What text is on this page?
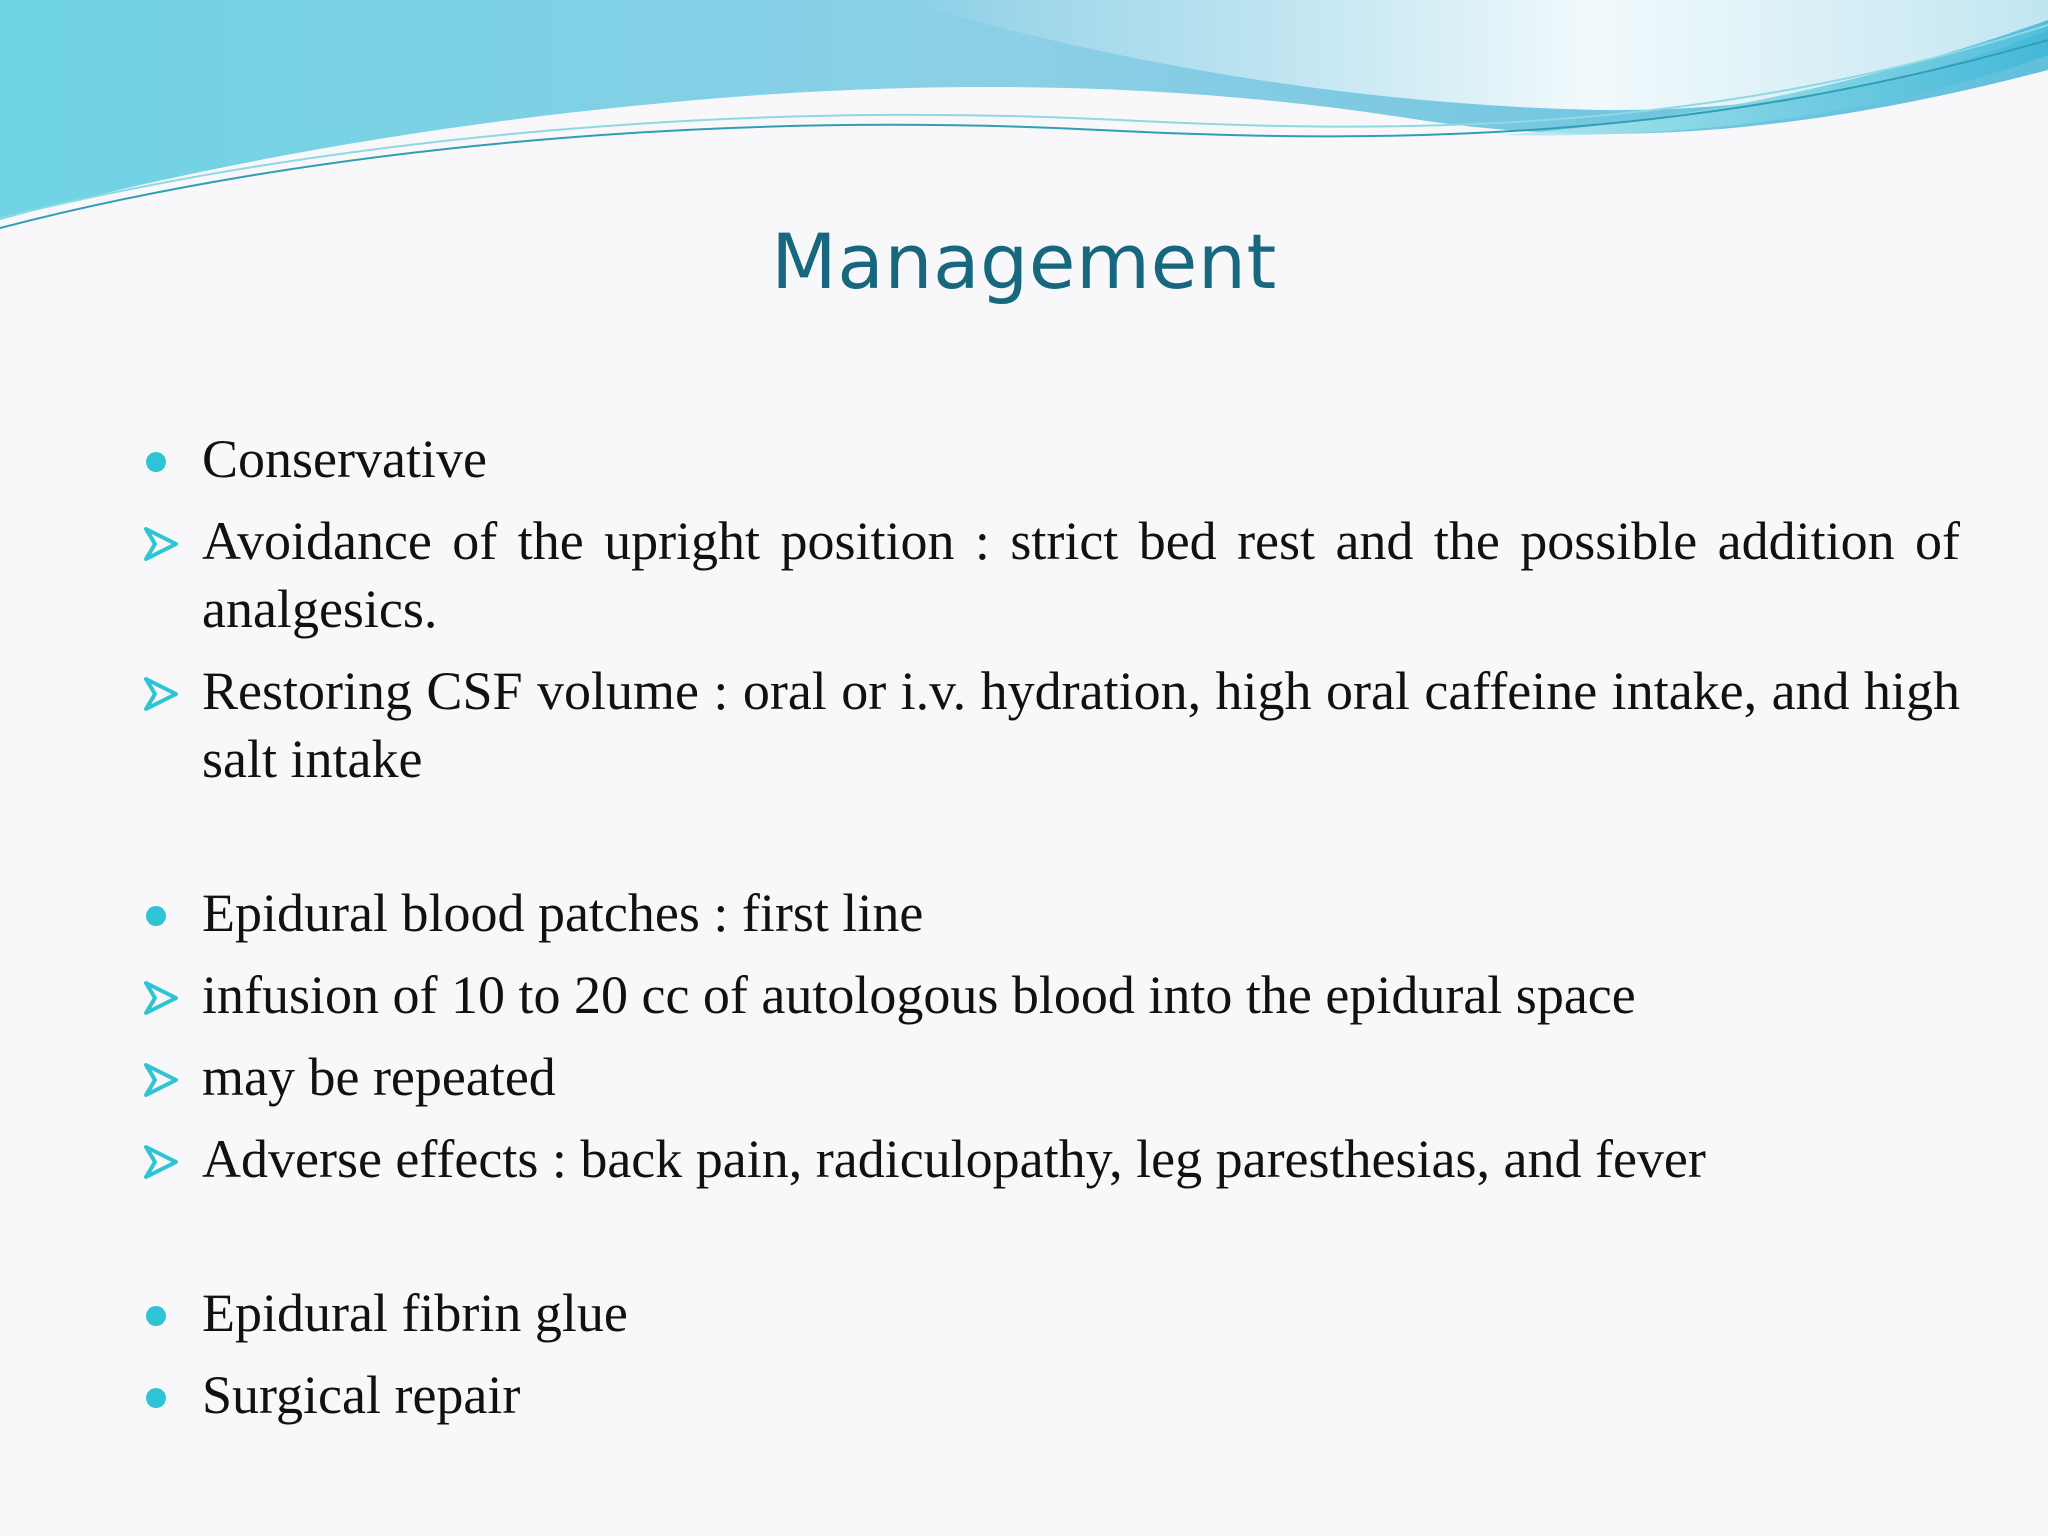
Management
Conservative
Avoidance of the upright position : strict bed rest and the possible addition of analgesics.
Restoring CSF volume : oral or i.v. hydration, high oral caffeine intake, and high salt intake
Epidural blood patches : first line
infusion of 10 to 20 cc of autologous blood into the epidural space
may be repeated
Adverse effects : back pain, radiculopathy, leg paresthesias, and fever
Epidural fibrin glue
Surgical repair
